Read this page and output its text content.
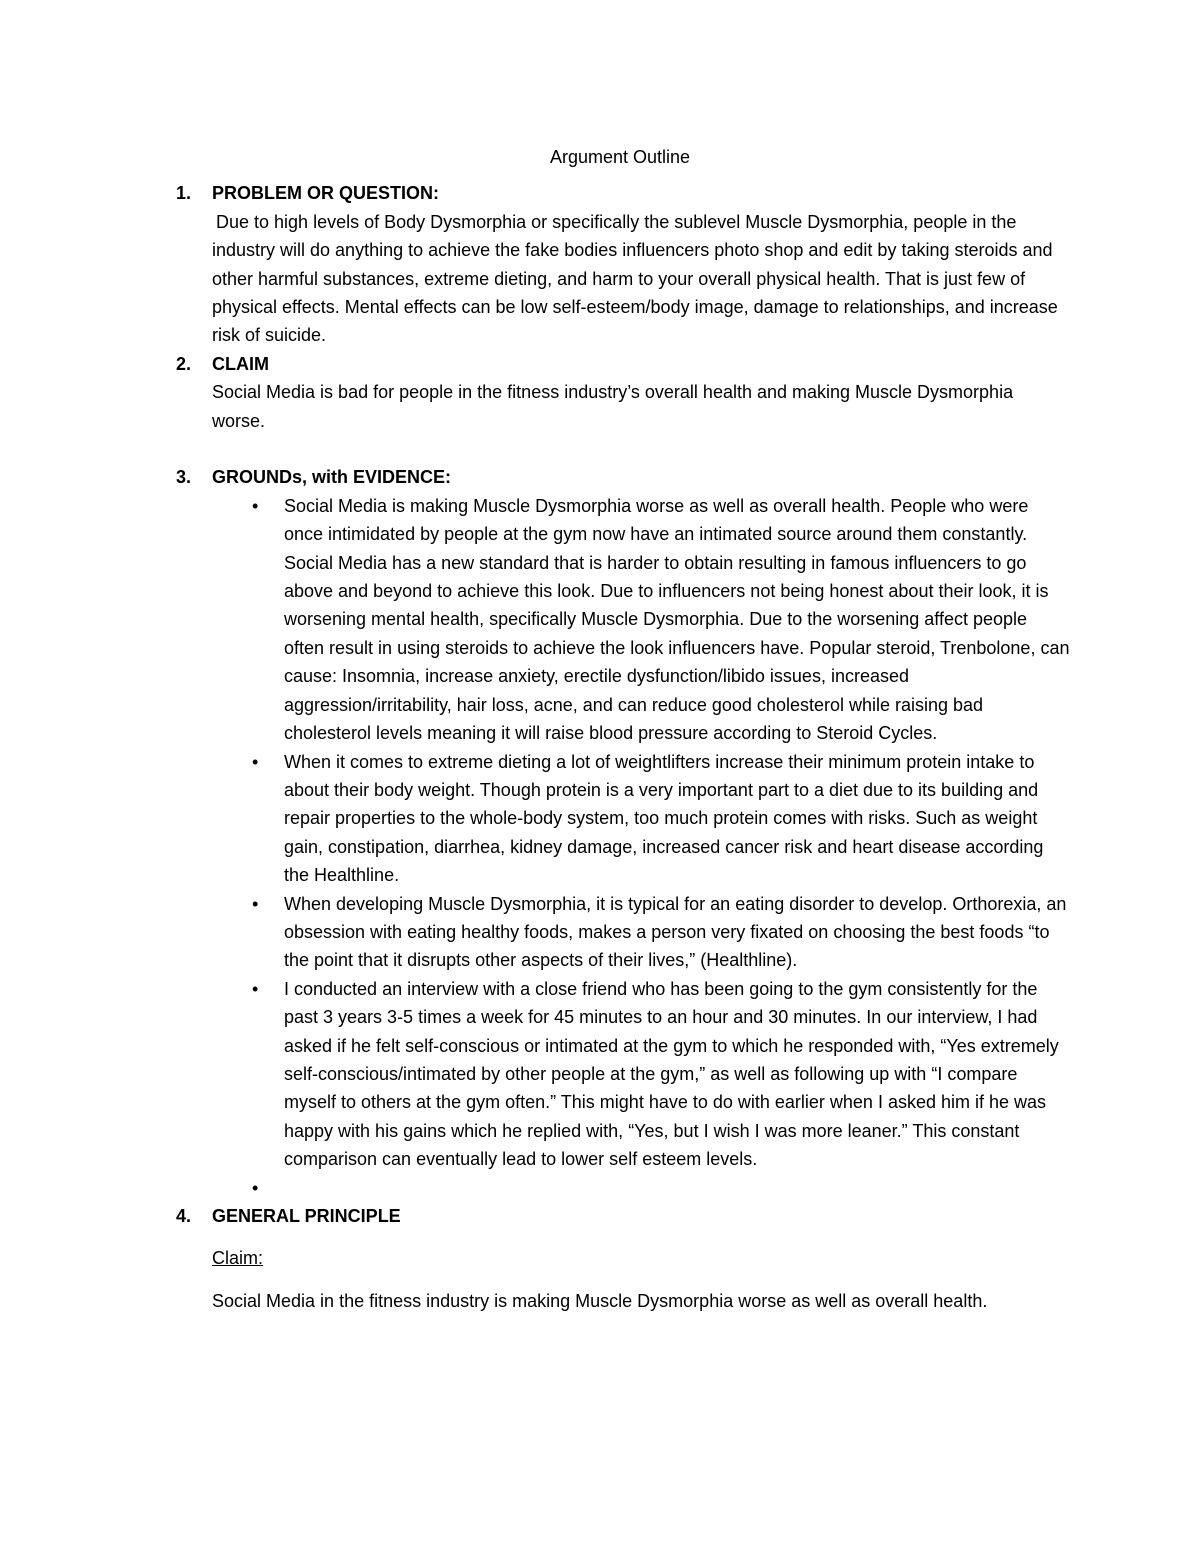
Argument Outline
1. PROBLEM OR QUESTION:
Due to high levels of Body Dysmorphia or specifically the sublevel Muscle Dysmorphia, people in the industry will do anything to achieve the fake bodies influencers photo shop and edit by taking steroids and other harmful substances, extreme dieting, and harm to your overall physical health. That is just few of physical effects. Mental effects can be low self-esteem/body image, damage to relationships, and increase risk of suicide.
2. CLAIM
Social Media is bad for people in the fitness industry’s overall health and making Muscle Dysmorphia worse.
3. GROUNDs, with EVIDENCE:
• Social Media is making Muscle Dysmorphia worse as well as overall health. People who were once intimidated by people at the gym now have an intimated source around them constantly. Social Media has a new standard that is harder to obtain resulting in famous influencers to go above and beyond to achieve this look. Due to influencers not being honest about their look, it is worsening mental health, specifically Muscle Dysmorphia. Due to the worsening affect people often result in using steroids to achieve the look influencers have. Popular steroid, Trenbolone, can cause: Insomnia, increase anxiety, erectile dysfunction/libido issues, increased aggression/irritability, hair loss, acne, and can reduce good cholesterol while raising bad cholesterol levels meaning it will raise blood pressure according to Steroid Cycles.
• When it comes to extreme dieting a lot of weightlifters increase their minimum protein intake to about their body weight. Though protein is a very important part to a diet due to its building and repair properties to the whole-body system, too much protein comes with risks. Such as weight gain, constipation, diarrhea, kidney damage, increased cancer risk and heart disease according the Healthline.
• When developing Muscle Dysmorphia, it is typical for an eating disorder to develop. Orthorexia, an obsession with eating healthy foods, makes a person very fixated on choosing the best foods “to the point that it disrupts other aspects of their lives,” (Healthline).
• I conducted an interview with a close friend who has been going to the gym consistently for the past 3 years 3-5 times a week for 45 minutes to an hour and 30 minutes. In our interview, I had asked if he felt self-conscious or intimated at the gym to which he responded with, “Yes extremely self-conscious/intimated by other people at the gym,” as well as following up with “I compare myself to others at the gym often.” This might have to do with earlier when I asked him if he was happy with his gains which he replied with, “Yes, but I wish I was more leaner.” This constant comparison can eventually lead to lower self esteem levels.
•

4. GENERAL PRINCIPLE
Claim:
Social Media in the fitness industry is making Muscle Dysmorphia worse as well as overall health.
